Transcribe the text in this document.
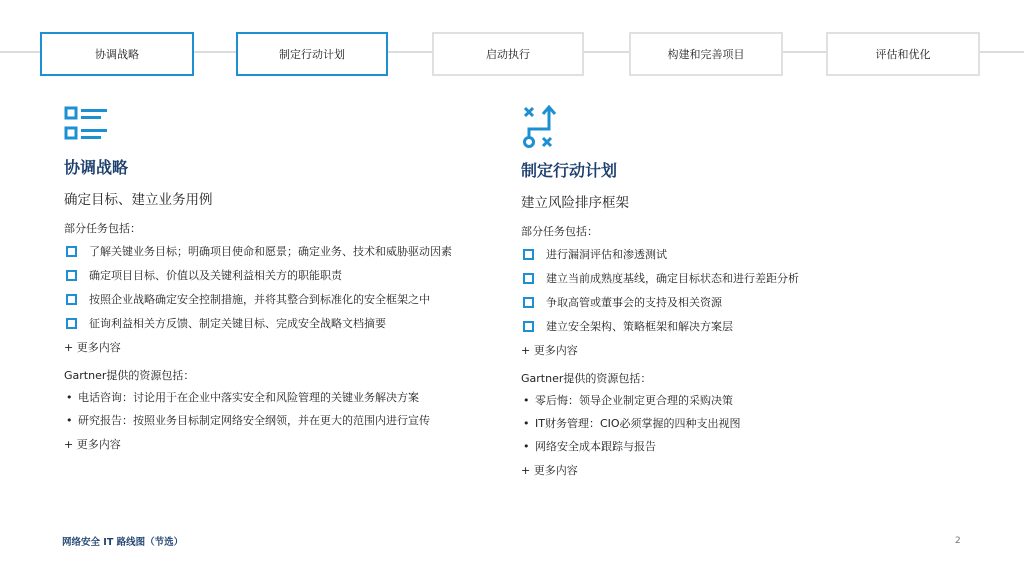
协调战略	制定行动计划	启动执行	构建和完善项目	评估和优化
协调战略
确定目标、建立业务用例
部分任务包括：
了解关键业务目标；明确项目使命和愿景；确定业务、技术和威胁驱动因素
确定项目目标、价值以及关键利益相关方的职能职责
按照企业战略确定安全控制措施，并将其整合到标准化的安全框架之中
征询利益相关方反馈、制定关键目标、完成安全战略文档摘要
+ 更多内容
Gartner提供的资源包括：
• 电话咨询：讨论用于在企业中落实安全和风险管理的关键业务解决方案
• 研究报告：按照业务目标制定网络安全纲领，并在更大的范围内进行宣传
+ 更多内容
制定行动计划
建立风险排序框架
部分任务包括：
进行漏洞评估和渗透测试
建立当前成熟度基线，确定目标状态和进行差距分析
争取高管或董事会的支持及相关资源
建立安全架构、策略框架和解决方案层
+ 更多内容
Gartner提供的资源包括：
• 零后悔：领导企业制定更合理的采购决策
• IT财务管理：CIO必须掌握的四种支出视图
• 网络安全成本跟踪与报告
+ 更多内容
网络安全 IT 路线图（节选）	2
